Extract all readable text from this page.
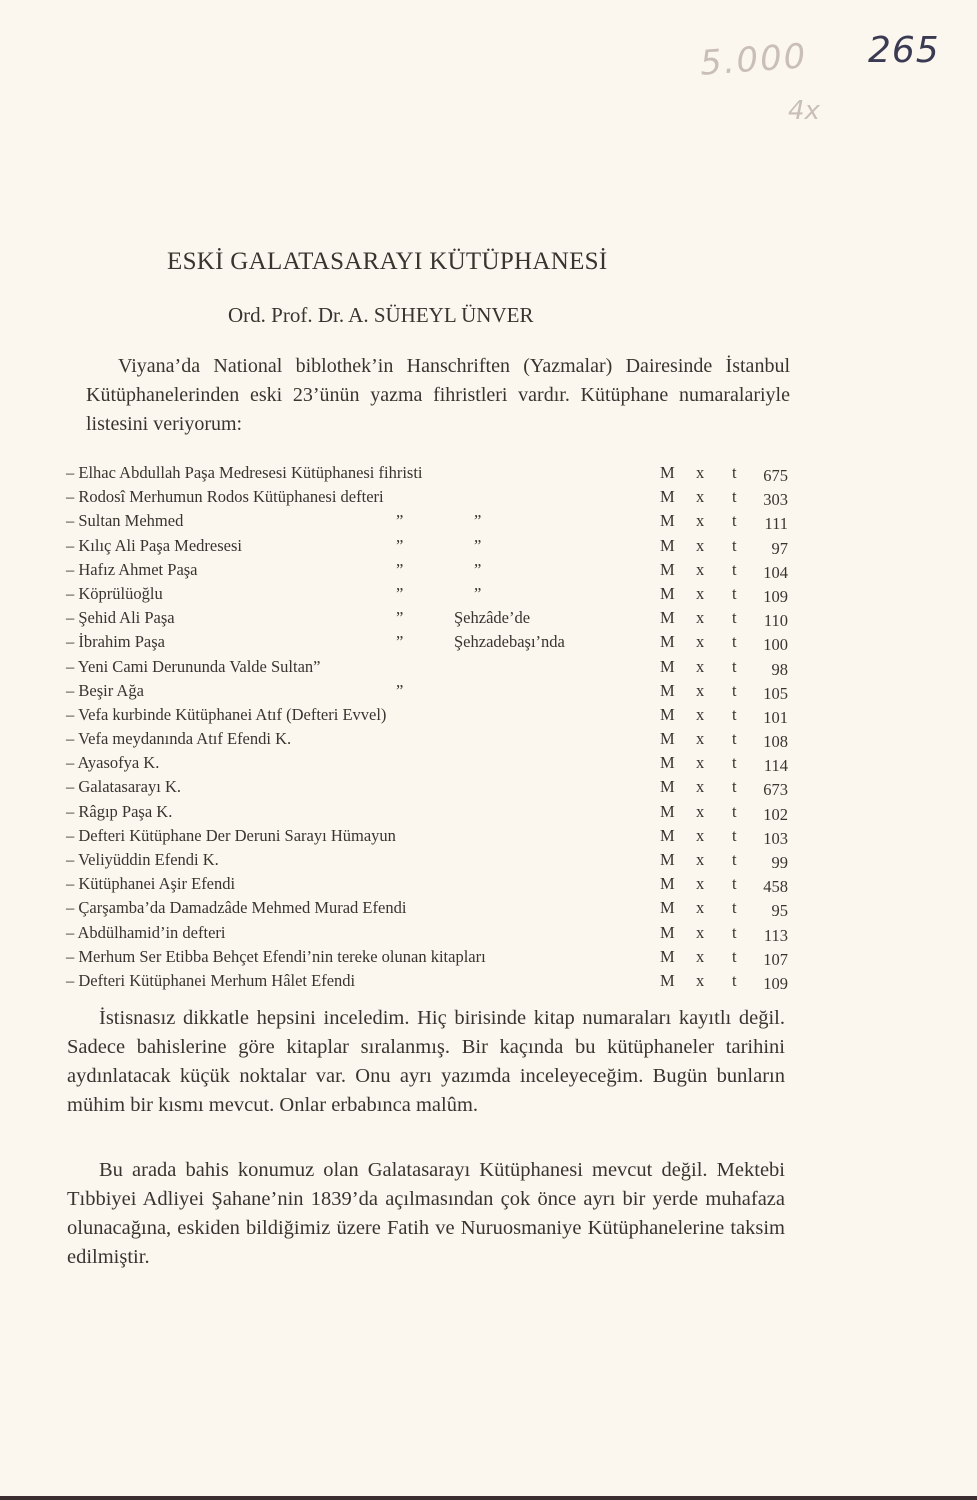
5.000 265
4x
ESKİ GALATASARAYI KÜTÜPHANESİ
Ord. Prof. Dr. A. SÜHEYL ÜNVER

Viyana’da National biblothek’in Hanschriften (Yazmalar) Dairesinde İstanbul Kütüphanelerinden eski 23’ünün yazma fihristleri vardır. Kütüphane numaralariyle listesini veriyorum:

– Elhac Abdullah Paşa Medresesi Kütüphanesi fihristi	M x t	675
– Rodosî Merhumun Rodos Kütüphanesi defteri	M x t	303
– Sultan Mehmed	”	”	M x t	111
– Kılıç Ali Paşa Medresesi	”	”	M x t	97
– Hafız Ahmet Paşa	”	”	M x t	104
– Köprülüoğlu	”	”	M x t	109
– Şehid Ali Paşa	”	Şehzâde’de	M x t	110
– İbrahim Paşa	”	Şehzadebaşı’nda	M x t	100
– Yeni Cami Derununda Valde Sultan”	M x t	98
– Beşir Ağa	”	M x t	105
– Vefa kurbinde Kütüphanei Atıf (Defteri Evvel)	M x t	101
– Vefa meydanında Atıf Efendi K.	M x t	108
– Ayasofya K.	M x t	114
– Galatasarayı K.	M x t	673
– Râgıp Paşa K.	M x t	102
– Defteri Kütüphane Der Deruni Sarayı Hümayun	M x t	103
– Veliyüddin Efendi K.	M x t	99
– Kütüphanei Aşir Efendi	M x t	458
– Çarşamba’da Damadzâde Mehmed Murad Efendi	M x t	95
– Abdülhamid’in defteri	M x t	113
– Merhum Ser Etibba Behçet Efendi’nin tereke olunan kitapları	M x t	107
– Defteri Kütüphanei Merhum Hâlet Efendi	M x t	109

İstisnasız dikkatle hepsini inceledim. Hiç birisinde kitap numaraları kayıtlı değil. Sadece bahislerine göre kitaplar sıralanmış. Bir kaçında bu kütüphaneler tarihini aydınlatacak küçük noktalar var. Onu ayrı yazımda inceleyeceğim. Bugün bunların mühim bir kısmı mevcut. Onlar erbabınca malûm.

Bu arada bahis konumuz olan Galatasarayı Kütüphanesi mevcut değil. Mektebi Tıbbiyei Adliyei Şahane’nin 1839’da açılmasından çok önce ayrı bir yerde muhafaza olunacağına, eskiden bildiğimiz üzere Fatih ve Nuruosmaniye Kütüphanelerine taksim edilmiştir.
